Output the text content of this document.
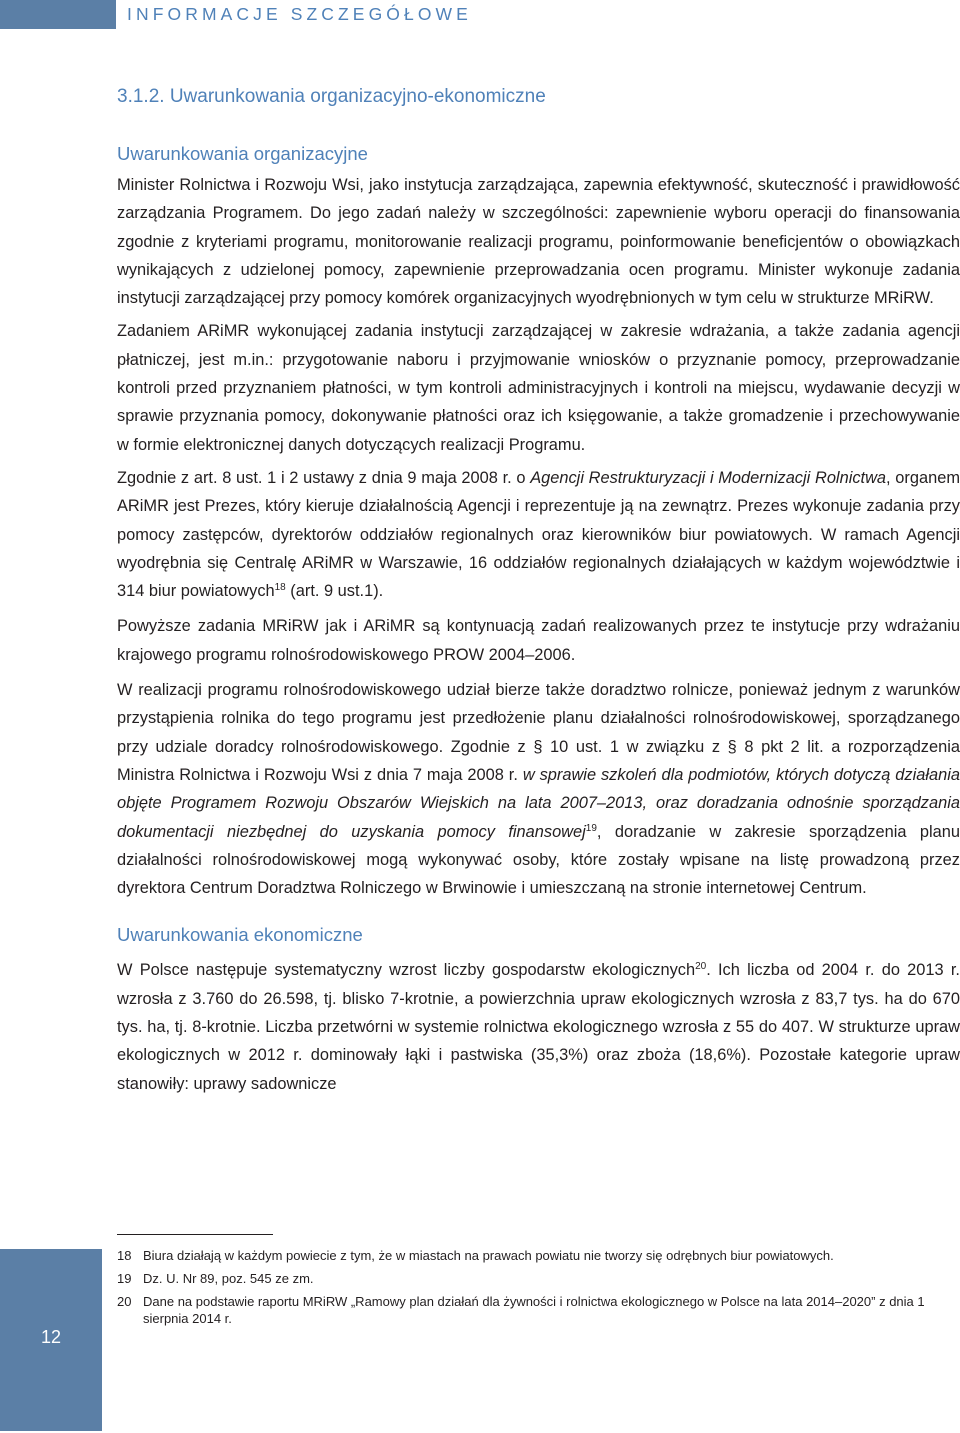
INFORMACJE SZCZEGÓŁOWE
3.1.2. Uwarunkowania organizacyjno-ekonomiczne
Uwarunkowania organizacyjne

Minister Rolnictwa i Rozwoju Wsi, jako instytucja zarządzająca, zapewnia efektywność, skuteczność i prawidłowość zarządzania Programem. Do jego zadań należy w szczególności: zapewnienie wyboru operacji do finansowania zgodnie z kryteriami programu, monitorowanie realizacji programu, poinformowanie beneficjentów o obowiązkach wynikających z udzielonej pomocy, zapewnienie przeprowadzania ocen programu. Minister wykonuje zadania instytucji zarządzającej przy pomocy komórek organizacyjnych wyodrębnionych w tym celu w strukturze MRiRW.

Zadaniem ARiMR wykonującej zadania instytucji zarządzającej w zakresie wdrażania, a także zadania agencji płatniczej, jest m.in.: przygotowanie naboru i przyjmowanie wniosków o przyznanie pomocy, przeprowadzanie kontroli przed przyznaniem płatności, w tym kontroli administracyjnych i kontroli na miejscu, wydawanie decyzji w sprawie przyznania pomocy, dokonywanie płatności oraz ich księgowanie, a także gromadzenie i przechowywanie w formie elektronicznej danych dotyczących realizacji Programu.

Zgodnie z art. 8 ust. 1 i 2 ustawy z dnia 9 maja 2008 r. o Agencji Restrukturyzacji i Modernizacji Rolnictwa, organem ARiMR jest Prezes, który kieruje działalnością Agencji i reprezentuje ją na zewnątrz. Prezes wykonuje zadania przy pomocy zastępców, dyrektorów oddziałów regionalnych oraz kierowników biur powiatowych. W ramach Agencji wyodrębnia się Centralę ARiMR w Warszawie, 16 oddziałów regionalnych działających w każdym województwie i 314 biur powiatowych$^{18}$ (art. 9 ust.1).

Powyższe zadania MRiRW jak i ARiMR są kontynuacją zadań realizowanych przez te instytucje przy wdrażaniu krajowego programu rolnośrodowiskowego PROW 2004–2006.

W realizacji programu rolnośrodowiskowego udział bierze także doradztwo rolnicze, ponieważ jednym z warunków przystąpienia rolnika do tego programu jest przedłożenie planu działalności rolnośrodowiskowej, sporządzanego przy udziale doradcy rolnośrodowiskowego. Zgodnie z § 10 ust. 1 w związku z § 8 pkt 2 lit. a rozporządzenia Ministra Rolnictwa i Rozwoju Wsi z dnia 7 maja 2008 r. w sprawie szkoleń dla podmiotów, których dotyczą działania objęte Programem Rozwoju Obszarów Wiejskich na lata 2007–2013, oraz doradzania odnośnie sporządzania dokumentacji niezbędnej do uzyskania pomocy finansowej$^{19}$, doradzanie w zakresie sporządzenia planu działalności rolnośrodowiskowej mogą wykonywać osoby, które zostały wpisane na listę prowadzoną przez dyrektora Centrum Doradztwa Rolniczego w Brwinowie i umieszczaną na stronie internetowej Centrum.

Uwarunkowania ekonomiczne

W Polsce następuje systematyczny wzrost liczby gospodarstw ekologicznych$^{20}$. Ich liczba od 2004 r. do 2013 r. wzrosła z 3.760 do 26.598, tj. blisko 7-krotnie, a powierzchnia upraw ekologicznych wzrosła z 83,7 tys. ha do 670 tys. ha, tj. 8-krotnie. Liczba przetwórni w systemie rolnictwa ekologicznego wzrosła z 55 do 407. W strukturze upraw ekologicznych w 2012 r. dominowały łąki i pastwiska (35,3%) oraz zboża (18,6%). Pozostałe kategorie upraw stanowiły: uprawy sadownicze

18 Biura działają w każdym powiecie z tym, że w miastach na prawach powiatu nie tworzy się odrębnych biur powiatowych.
19 Dz. U. Nr 89, poz. 545 ze zm.
20 Dane na podstawie raportu MRiRW „Ramowy plan działań dla żywności i rolnictwa ekologicznego w Polsce na lata 2014–2020” z dnia 1 sierpnia 2014 r.
12
